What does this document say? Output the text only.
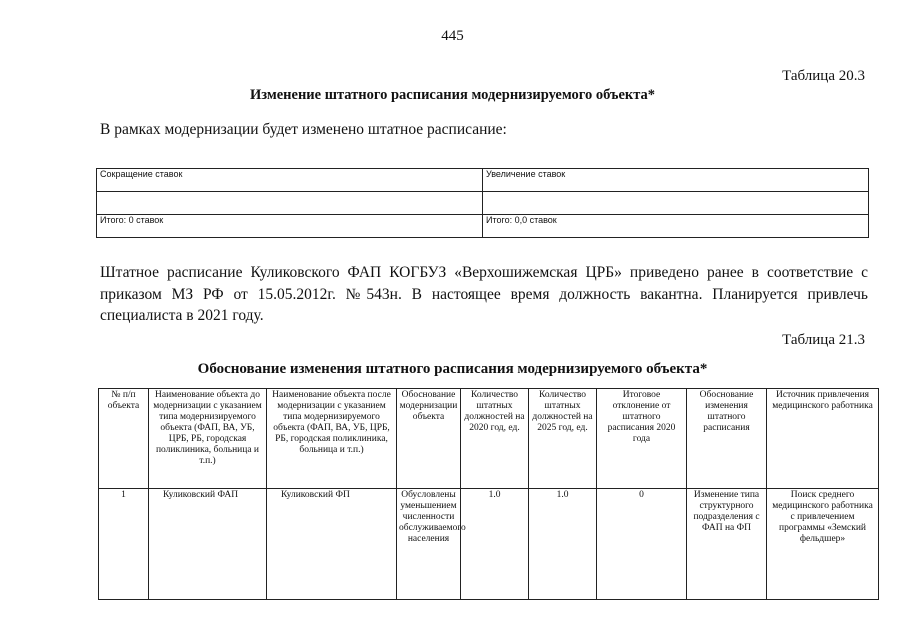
445
Таблица 20.3
Изменение штатного расписания модернизируемого объекта*
В рамках модернизации будет изменено штатное расписание:
Сокращение ставок	Увеличение ставок

Итого: 0 ставок	Итого: 0,0 ставок
Штатное расписание Куликовского ФАП КОГБУЗ «Верхошижемская ЦРБ» приведено ранее в соответствие с приказом МЗ РФ от 15.05.2012г. №543н. В настоящее время должность вакантна. Планируется привлечь специалиста в 2021 году.
Таблица 21.3
Обоснование изменения штатного расписания модернизируемого объекта*
№ п/п объекта	Наименование объекта до модернизации с указанием типа модернизируемого объекта (ФАП, ВА, УБ, ЦРБ, РБ, городская поликлиника, больница и т.п.)	Наименование объекта после модернизации с указанием типа модернизируемого объекта (ФАП, ВА, УБ, ЦРБ, РБ, городская поликлиника, больница и т.п.)	Обоснование модернизации объекта	Количество штатных должностей на 2020 год, ед.	Количество штатных должностей на 2025 год, ед.	Итоговое отклонение от штатного расписания 2020 года	Обоснование изменения штатного расписания	Источник привлечения медицинского работника
1	Куликовский ФАП	Куликовский ФП	Обусловлены уменьшением численности обслуживаемого населения	1.0	1.0	0	Изменение типа структурного подразделения с ФАП на ФП	Поиск среднего медицинского работника с привлечением программы «Земский фельдшер»
